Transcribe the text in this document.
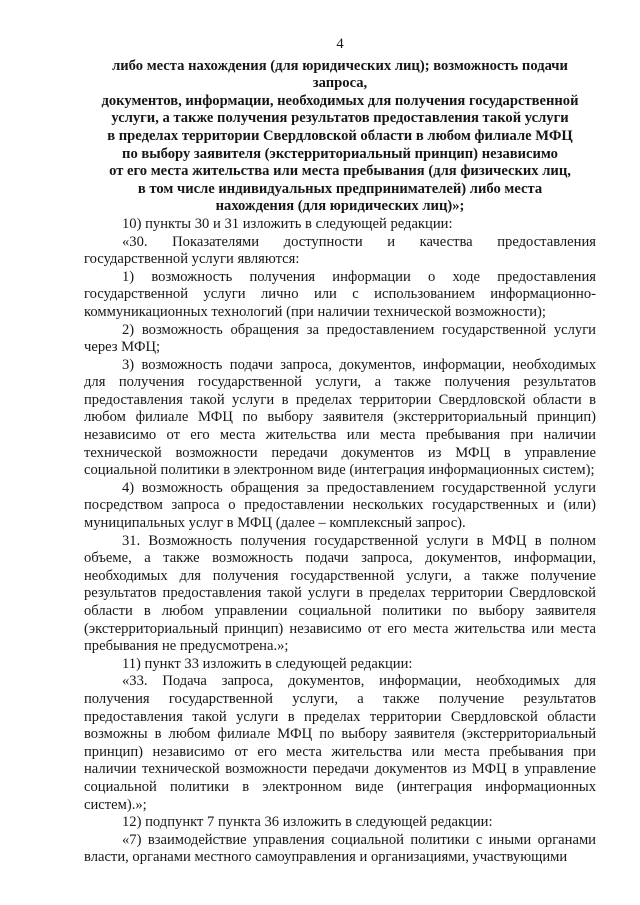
4
либо места нахождения (для юридических лиц); возможность подачи запроса,
документов, информации, необходимых для получения государственной
услуги, а также получения результатов предоставления такой услуги
в пределах территории Свердловской области в любом филиале МФЦ
по выбору заявителя (экстерриториальный принцип) независимо
от его места жительства или места пребывания (для физических лиц,
в том числе индивидуальных предпринимателей) либо места
нахождения (для юридических лиц)»;

10) пункты 30 и 31 изложить в следующей редакции:

«30. Показателями доступности и качества предоставления государственной услуги являются:

1) возможность получения информации о ходе предоставления государственной услуги лично или с использованием информационно-коммуникационных технологий (при наличии технической возможности);

2) возможность обращения за предоставлением государственной услуги через МФЦ;

3) возможность подачи запроса, документов, информации, необходимых для получения государственной услуги, а также получения результатов предоставления такой услуги в пределах территории Свердловской области в любом филиале МФЦ по выбору заявителя (экстерриториальный принцип) независимо от его места жительства или места пребывания при наличии технической возможности передачи документов из МФЦ в управление социальной политики в электронном виде (интеграция информационных систем);

4) возможность обращения за предоставлением государственной услуги посредством запроса о предоставлении нескольких государственных и (или) муниципальных услуг в МФЦ (далее – комплексный запрос).

31. Возможность получения государственной услуги в МФЦ в полном объеме, а также возможность подачи запроса, документов, информации, необходимых для получения государственной услуги, а также получение результатов предоставления такой услуги в пределах территории Свердловской области в любом управлении социальной политики по выбору заявителя (экстерриториальный принцип) независимо от его места жительства или места пребывания не предусмотрена.»;

11) пункт 33 изложить в следующей редакции:

«33. Подача запроса, документов, информации, необходимых для получения государственной услуги, а также получение результатов предоставления такой услуги в пределах территории Свердловской области возможны в любом филиале МФЦ по выбору заявителя (экстерриториальный принцип) независимо от его места жительства или места пребывания при наличии технической возможности передачи документов из МФЦ в управление социальной политики в электронном виде (интеграция информационных систем).»;

12) подпункт 7 пункта 36 изложить в следующей редакции:

«7) взаимодействие управления социальной политики с иными органами власти, органами местного самоуправления и организациями, участвующими
